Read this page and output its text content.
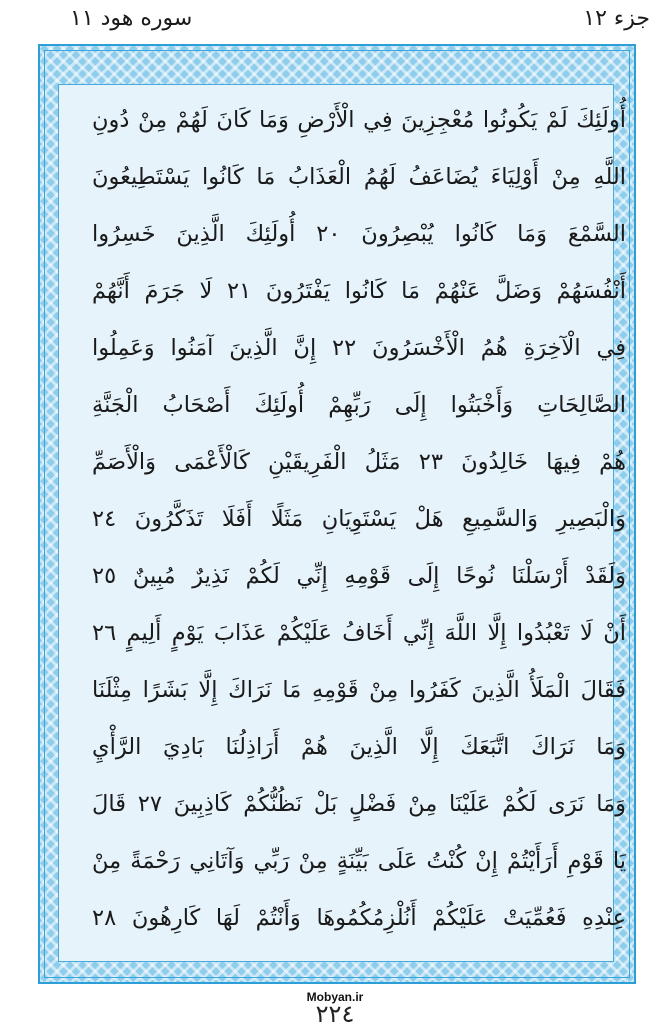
جزء ١٢
سوره هود ١١
أُولَئِكَ لَمْ يَكُونُوا مُعْجِزِينَ فِي الْأَرْضِ وَمَا كَانَ لَهُمْ مِنْ دُونِ
اللَّهِ مِنْ أَوْلِيَاءَ يُضَاعَفُ لَهُمُ الْعَذَابُ مَا كَانُوا يَسْتَطِيعُونَ
السَّمْعَ وَمَا كَانُوا يُبْصِرُونَ ٢٠ أُولَئِكَ الَّذِينَ خَسِرُوا
أَنْفُسَهُمْ وَضَلَّ عَنْهُمْ مَا كَانُوا يَفْتَرُونَ ٢١ لَا جَرَمَ أَنَّهُمْ
فِي الْآخِرَةِ هُمُ الْأَخْسَرُونَ ٢٢ إِنَّ الَّذِينَ آمَنُوا وَعَمِلُوا
الصَّالِحَاتِ وَأَخْبَتُوا إِلَى رَبِّهِمْ أُولَئِكَ أَصْحَابُ الْجَنَّةِ
هُمْ فِيهَا خَالِدُونَ ٢٣ مَثَلُ الْفَرِيقَيْنِ كَالْأَعْمَى وَالْأَصَمِّ
وَالْبَصِيرِ وَالسَّمِيعِ هَلْ يَسْتَوِيَانِ مَثَلًا أَفَلَا تَذَكَّرُونَ ٢٤
وَلَقَدْ أَرْسَلْنَا نُوحًا إِلَى قَوْمِهِ إِنِّي لَكُمْ نَذِيرٌ مُبِينٌ ٢٥
أَنْ لَا تَعْبُدُوا إِلَّا اللَّهَ إِنِّي أَخَافُ عَلَيْكُمْ عَذَابَ يَوْمٍ أَلِيمٍ ٢٦
فَقَالَ الْمَلَأُ الَّذِينَ كَفَرُوا مِنْ قَوْمِهِ مَا نَرَاكَ إِلَّا بَشَرًا مِثْلَنَا
وَمَا نَرَاكَ اتَّبَعَكَ إِلَّا الَّذِينَ هُمْ أَرَاذِلُنَا بَادِيَ الرَّأْيِ
وَمَا نَرَى لَكُمْ عَلَيْنَا مِنْ فَضْلٍ بَلْ نَظُنُّكُمْ كَاذِبِينَ ٢٧ قَالَ
يَا قَوْمِ أَرَأَيْتُمْ إِنْ كُنْتُ عَلَى بَيِّنَةٍ مِنْ رَبِّي وَآتَانِي رَحْمَةً مِنْ
عِنْدِهِ فَعُمِّيَتْ عَلَيْكُمْ أَنُلْزِمُكُمُوهَا وَأَنْتُمْ لَهَا كَارِهُونَ ٢٨
Mobyan.ir
٢٢٤
